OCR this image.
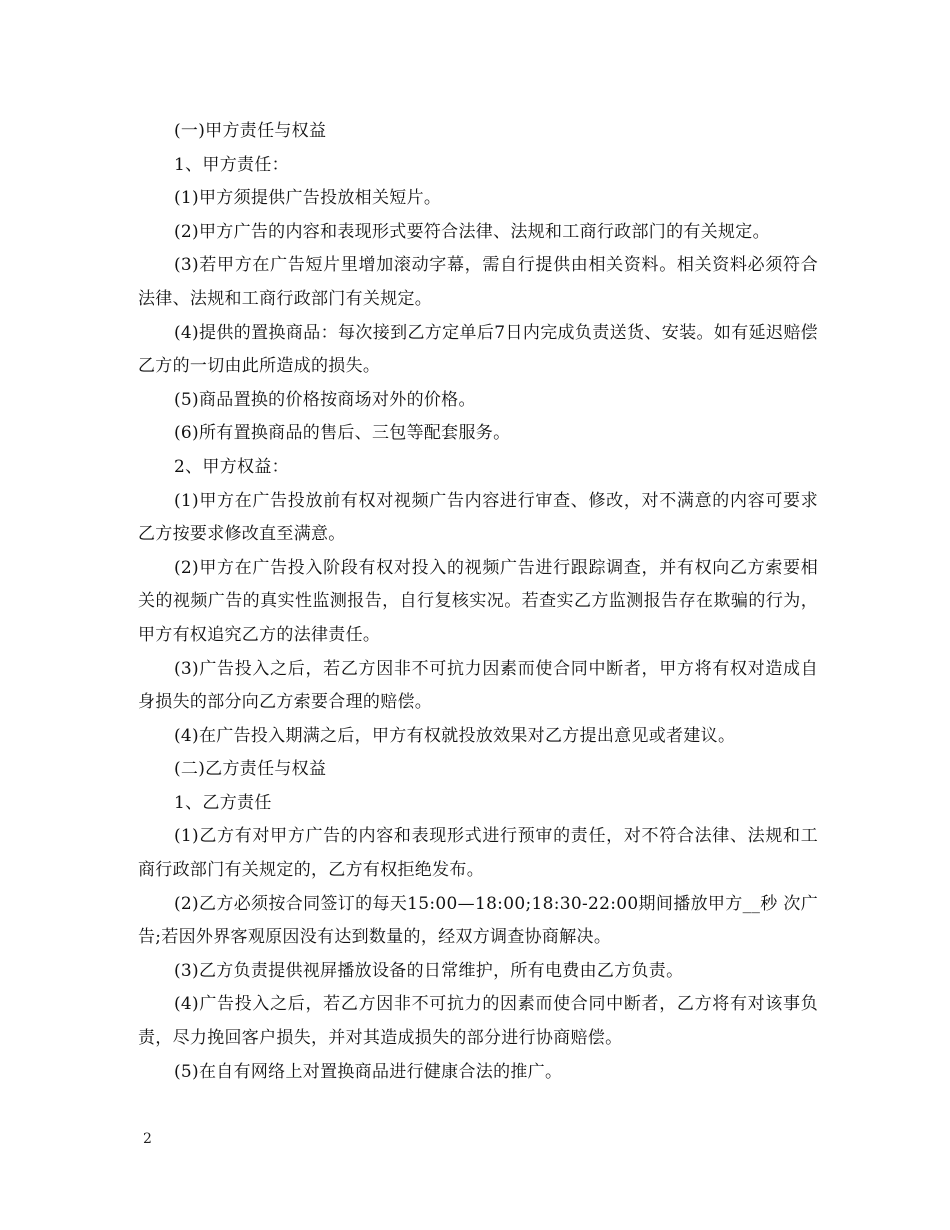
(一)甲方责任与权益

1、甲方责任：

(1)甲方须提供广告投放相关短片。

(2)甲方广告的内容和表现形式要符合法律、法规和工商行政部门的有关规定。

(3)若甲方在广告短片里增加滚动字幕，需自行提供由相关资料。相关资料必须符合法律、法规和工商行政部门有关规定。

(4)提供的置换商品：每次接到乙方定单后7日内完成负责送货、安装。如有延迟赔偿乙方的一切由此所造成的损失。

(5)商品置换的价格按商场对外的价格。

(6)所有置换商品的售后、三包等配套服务。

2、甲方权益：

(1)甲方在广告投放前有权对视频广告内容进行审查、修改，对不满意的内容可要求乙方按要求修改直至满意。

(2)甲方在广告投入阶段有权对投入的视频广告进行跟踪调查，并有权向乙方索要相关的视频广告的真实性监测报告，自行复核实况。若查实乙方监测报告存在欺骗的行为，甲方有权追究乙方的法律责任。

(3)广告投入之后，若乙方因非不可抗力因素而使合同中断者，甲方将有权对造成自身损失的部分向乙方索要合理的赔偿。

(4)在广告投入期满之后，甲方有权就投放效果对乙方提出意见或者建议。

(二)乙方责任与权益

1、乙方责任

(1)乙方有对甲方广告的内容和表现形式进行预审的责任，对不符合法律、法规和工商行政部门有关规定的，乙方有权拒绝发布。

(2)乙方必须按合同签订的每天15:00—18:00;18:30-22:00期间播放甲方__秒 次广告;若因外界客观原因没有达到数量的，经双方调查协商解决。

(3)乙方负责提供视屏播放设备的日常维护，所有电费由乙方负责。

(4)广告投入之后，若乙方因非不可抗力的因素而使合同中断者，乙方将有对该事负责，尽力挽回客户损失，并对其造成损失的部分进行协商赔偿。

(5)在自有网络上对置换商品进行健康合法的推广。

2
